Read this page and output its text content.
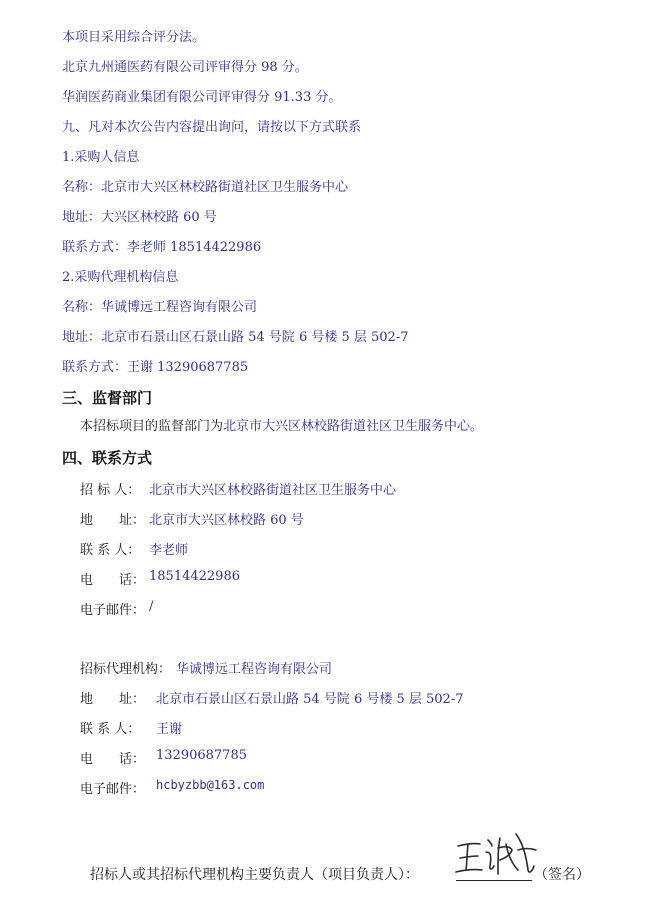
本项目采用综合评分法。
北京九州通医药有限公司评审得分 98 分。
华润医药商业集团有限公司评审得分 91.33 分。
九、凡对本次公告内容提出询问，请按以下方式联系
1.采购人信息
名称：北京市大兴区林校路街道社区卫生服务中心
地址：大兴区林校路 60 号
联系方式：李老师 18514422986
2.采购代理机构信息
名称：华诚博远工程咨询有限公司
地址：北京市石景山区石景山路 54 号院 6 号楼 5 层 502-7
联系方式：王谢 13290687785
三、监督部门
本招标项目的监督部门为北京市大兴区林校路街道社区卫生服务中心。
四、联系方式
招 标 人： 北京市大兴区林校路街道社区卫生服务中心
地　　址： 北京市大兴区林校路 60 号
联 系 人： 李老师
电　　话： 18514422986
电子邮件： /
招标代理机构： 华诚博远工程咨询有限公司
地　　址： 北京市石景山区石景山路 54 号院 6 号楼 5 层 502-7
联 系 人： 王谢
电　　话： 13290687785
电子邮件： hcbyzbb@163.com
招标人或其招标代理机构主要负责人（项目负责人）：	（签名）
